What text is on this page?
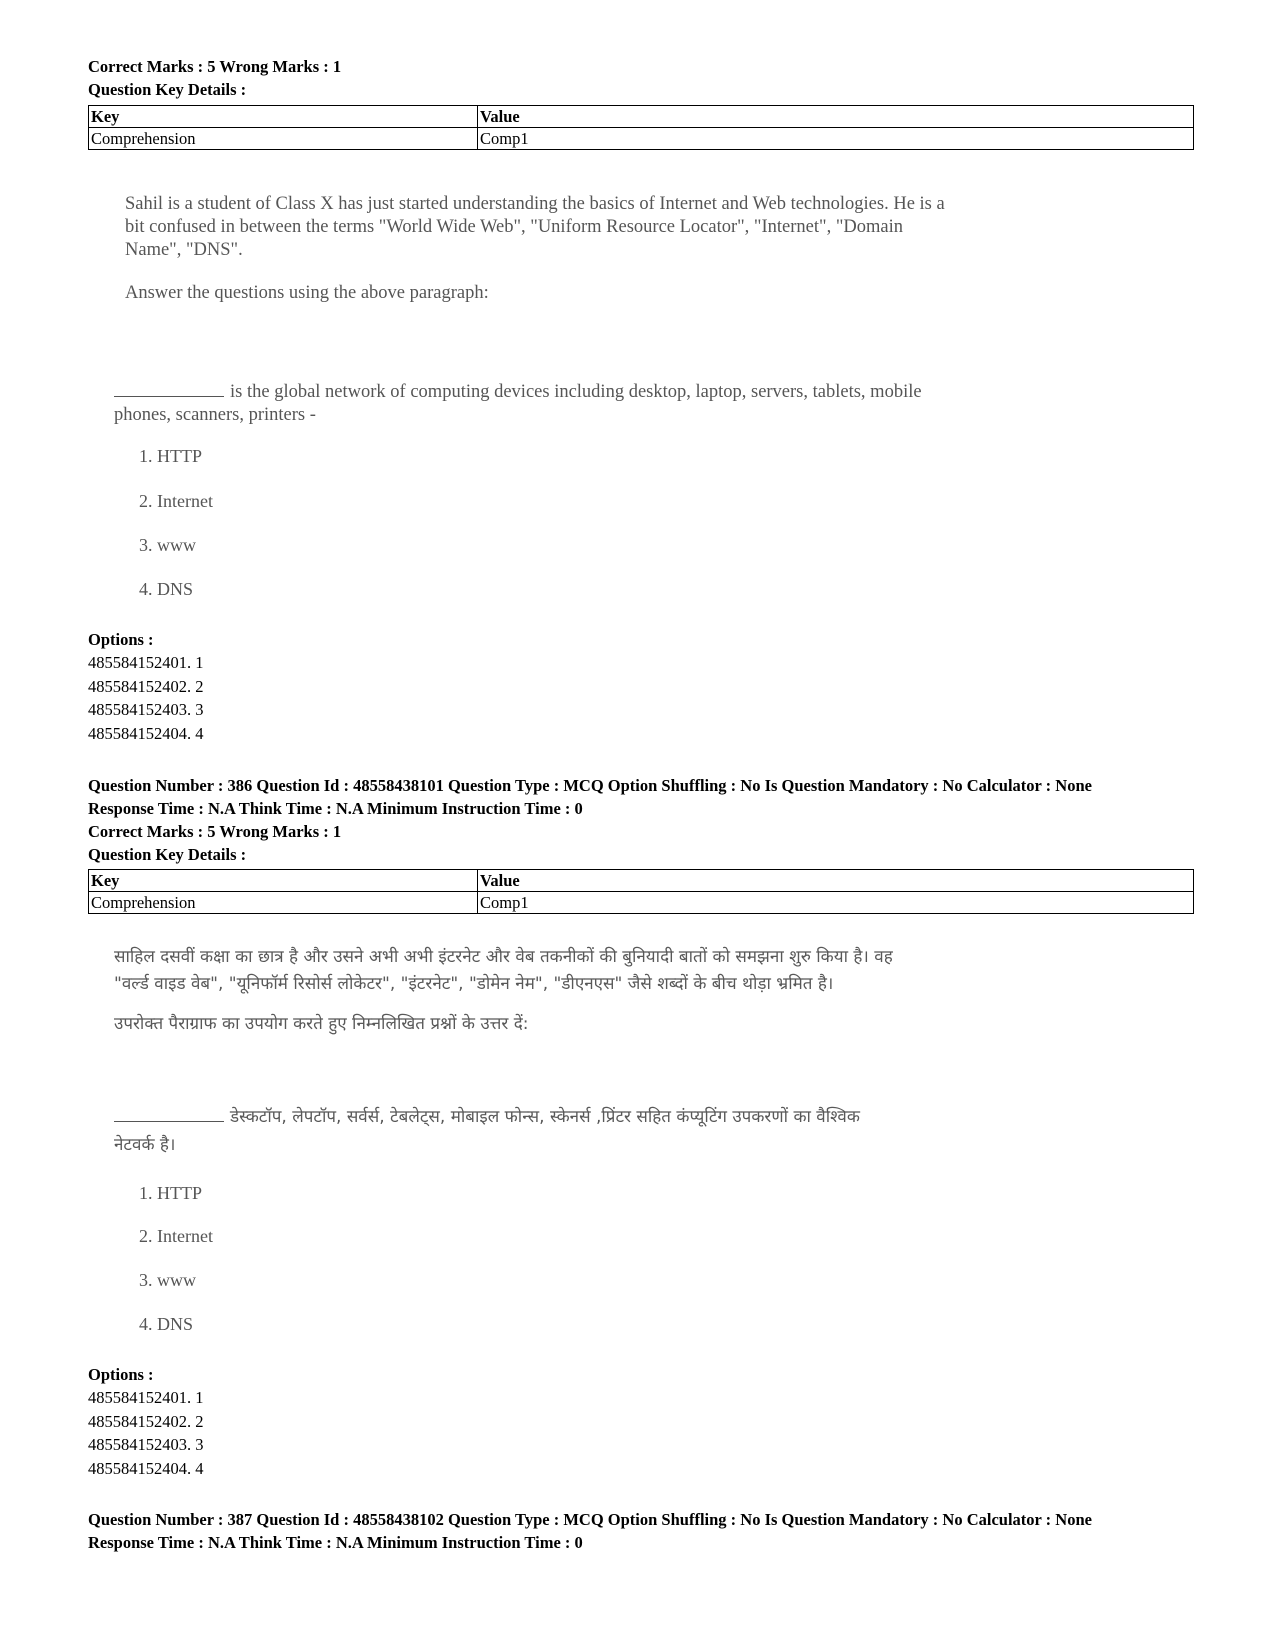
Correct Marks : 5 Wrong Marks : 1
Question Key Details :
Key	Value
Comprehension	Comp1
Sahil is a student of Class X has just started understanding the basics of Internet and Web technologies. He is a
bit confused in between the terms "World Wide Web", "Uniform Resource Locator", "Internet", "Domain
Name", "DNS".
Answer the questions using the above paragraph:
is the global network of computing devices including desktop, laptop, servers, tablets, mobile
phones, scanners, printers -
1. HTTP
2. Internet
3. www
4. DNS
Options :
485584152401. 1
485584152402. 2
485584152403. 3
485584152404. 4
Question Number : 386 Question Id : 48558438101 Question Type : MCQ Option Shuffling : No Is Question Mandatory : No Calculator : None
Response Time : N.A Think Time : N.A Minimum Instruction Time : 0
Correct Marks : 5 Wrong Marks : 1
Question Key Details :
Key	Value
Comprehension	Comp1
साहिल दसवीं कक्षा का छात्र है और उसने अभी अभी इंटरनेट और वेब तकनीकों की बुनियादी बातों को समझना शुरु किया है। वह
"वर्ल्ड वाइड वेब", "यूनिफॉर्म रिसोर्स लोकेटर", "इंटरनेट", "डोमेन नेम", "डीएनएस" जैसे शब्दों के बीच थोड़ा भ्रमित है।
उपरोक्त पैराग्राफ का उपयोग करते हुए निम्नलिखित प्रश्नों के उत्तर दें:
डेस्कटॉप, लेपटॉप, सर्वर्स, टेबलेट्स, मोबाइल फोन्स, स्केनर्स ,प्रिंटर सहित कंप्यूटिंग उपकरणों का वैश्विक
नेटवर्क है।
1. HTTP
2. Internet
3. www
4. DNS
Options :
485584152401. 1
485584152402. 2
485584152403. 3
485584152404. 4
Question Number : 387 Question Id : 48558438102 Question Type : MCQ Option Shuffling : No Is Question Mandatory : No Calculator : None
Response Time : N.A Think Time : N.A Minimum Instruction Time : 0
